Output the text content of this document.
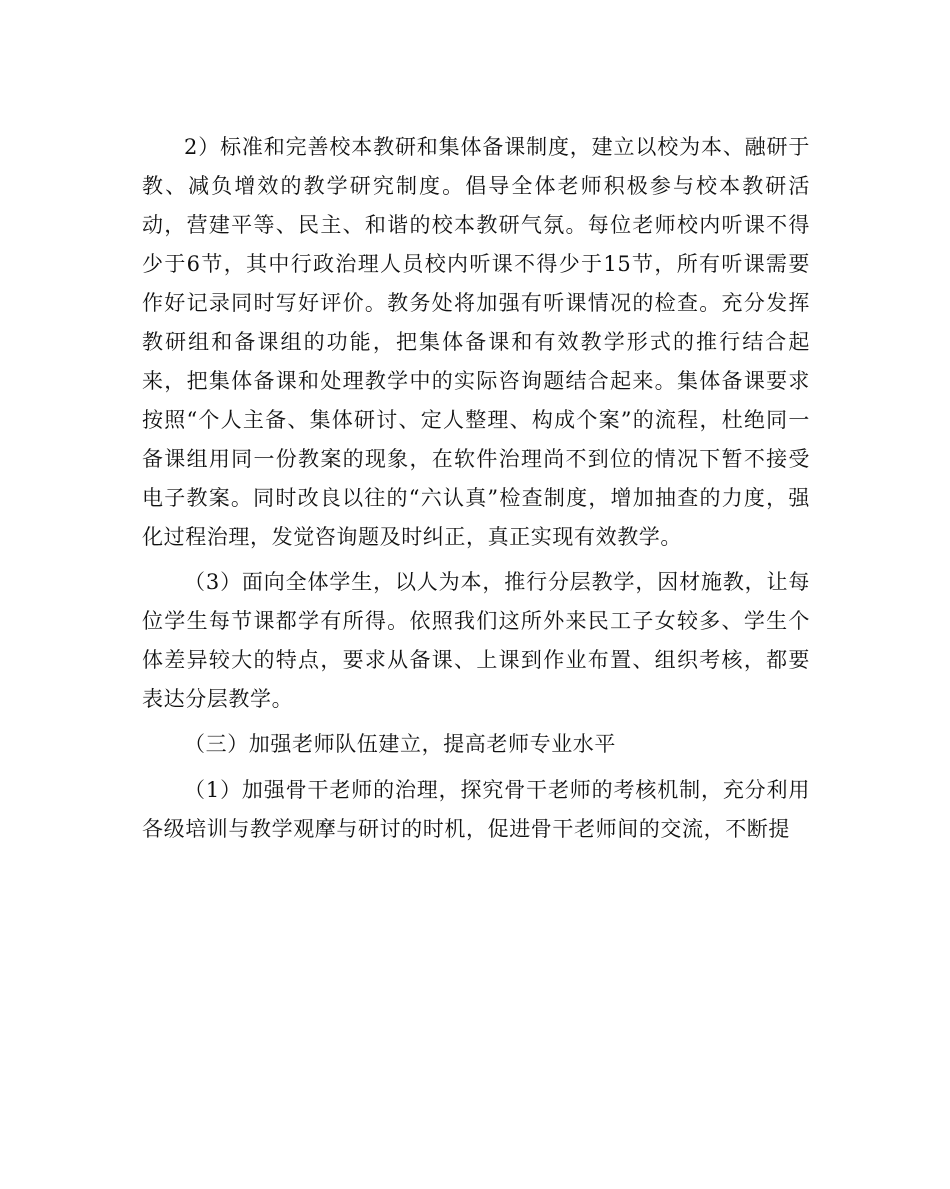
2）标准和完善校本教研和集体备课制度，建立以校为本、融研于教、减负增效的教学研究制度。倡导全体老师积极参与校本教研活动，营建平等、民主、和谐的校本教研气氛。每位老师校内听课不得少于6节，其中行政治理人员校内听课不得少于15节，所有听课需要作好记录同时写好评价。教务处将加强有听课情况的检查。充分发挥教研组和备课组的功能，把集体备课和有效教学形式的推行结合起来，把集体备课和处理教学中的实际咨询题结合起来。集体备课要求按照“个人主备、集体研讨、定人整理、构成个案”的流程，杜绝同一备课组用同一份教案的现象，在软件治理尚不到位的情况下暂不接受电子教案。同时改良以往的“六认真”检查制度，增加抽查的力度，强化过程治理，发觉咨询题及时纠正，真正实现有效教学。

（3）面向全体学生，以人为本，推行分层教学，因材施教，让每位学生每节课都学有所得。依照我们这所外来民工子女较多、学生个体差异较大的特点，要求从备课、上课到作业布置、组织考核，都要表达分层教学。

（三）加强老师队伍建立，提高老师专业水平

（1）加强骨干老师的治理，探究骨干老师的考核机制，充分利用各级培训与教学观摩与研讨的时机，促进骨干老师间的交流，不断提
